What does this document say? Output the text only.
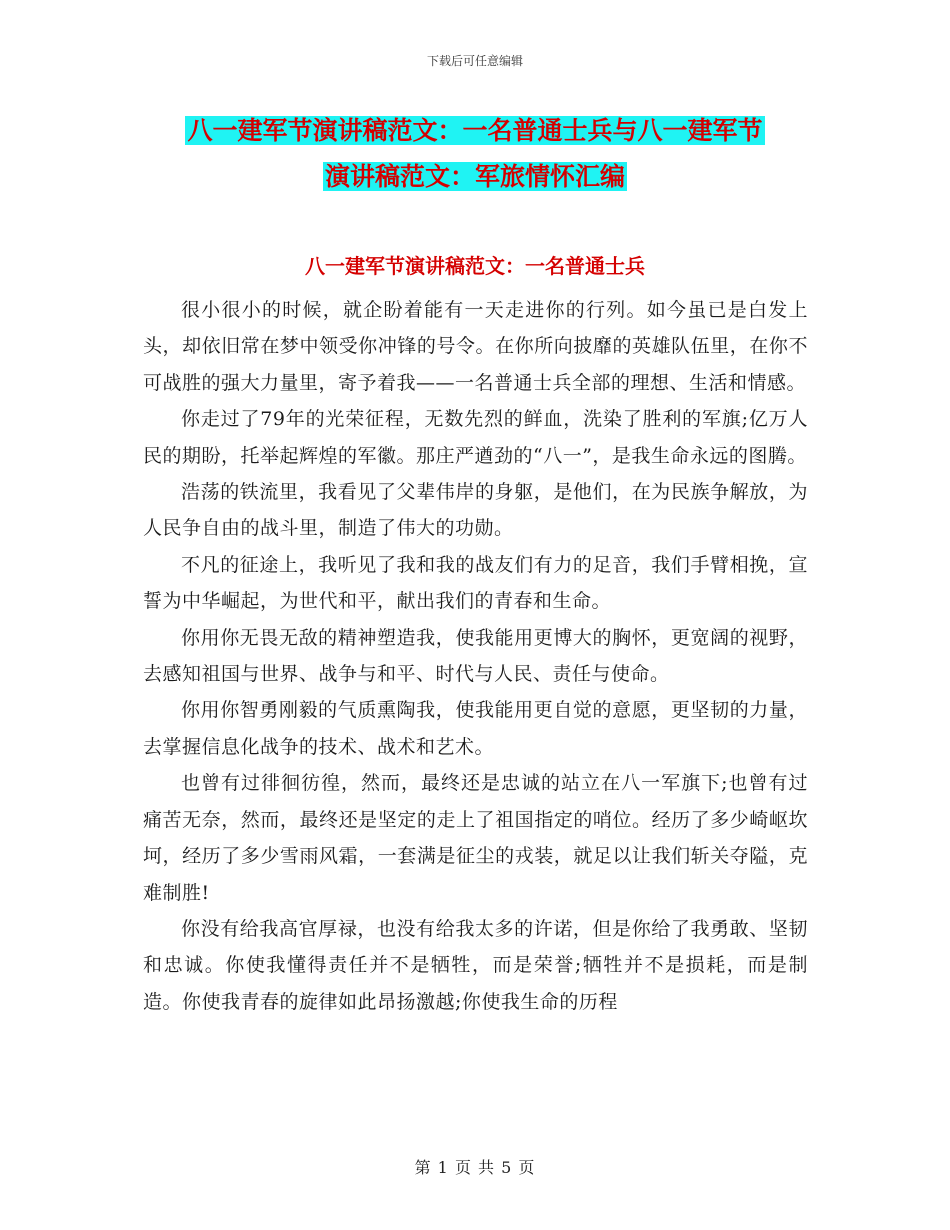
下载后可任意编辑
八一建军节演讲稿范文：一名普通士兵与八一建军节
演讲稿范文：军旅情怀汇编
八一建军节演讲稿范文：一名普通士兵

很小很小的时候，就企盼着能有一天走进你的行列。如今虽已是白发上头，却依旧常在梦中领受你冲锋的号令。在你所向披靡的英雄队伍里，在你不可战胜的强大力量里，寄予着我——一名普通士兵全部的理想、生活和情感。

你走过了79年的光荣征程，无数先烈的鲜血，洗染了胜利的军旗;亿万人民的期盼，托举起辉煌的军徽。那庄严遒劲的“八一”，是我生命永远的图腾。

浩荡的铁流里，我看见了父辈伟岸的身躯，是他们，在为民族争解放，为人民争自由的战斗里，制造了伟大的功勋。

不凡的征途上，我听见了我和我的战友们有力的足音，我们手臂相挽，宣誓为中华崛起，为世代和平，献出我们的青春和生命。

你用你无畏无敌的精神塑造我，使我能用更博大的胸怀，更宽阔的视野，去感知祖国与世界、战争与和平、时代与人民、责任与使命。

你用你智勇刚毅的气质熏陶我，使我能用更自觉的意愿，更坚韧的力量，去掌握信息化战争的技术、战术和艺术。

也曾有过徘徊彷徨，然而，最终还是忠诚的站立在八一军旗下;也曾有过痛苦无奈，然而，最终还是坚定的走上了祖国指定的哨位。经历了多少崎岖坎坷，经历了多少雪雨风霜，一套满是征尘的戎装，就足以让我们斩关夺隘，克难制胜!

你没有给我高官厚禄，也没有给我太多的许诺，但是你给了我勇敢、坚韧和忠诚。你使我懂得责任并不是牺牲，而是荣誉;牺牲并不是损耗，而是制造。你使我青春的旋律如此昂扬激越;你使我生命的历程

第 1 页 共 5 页
